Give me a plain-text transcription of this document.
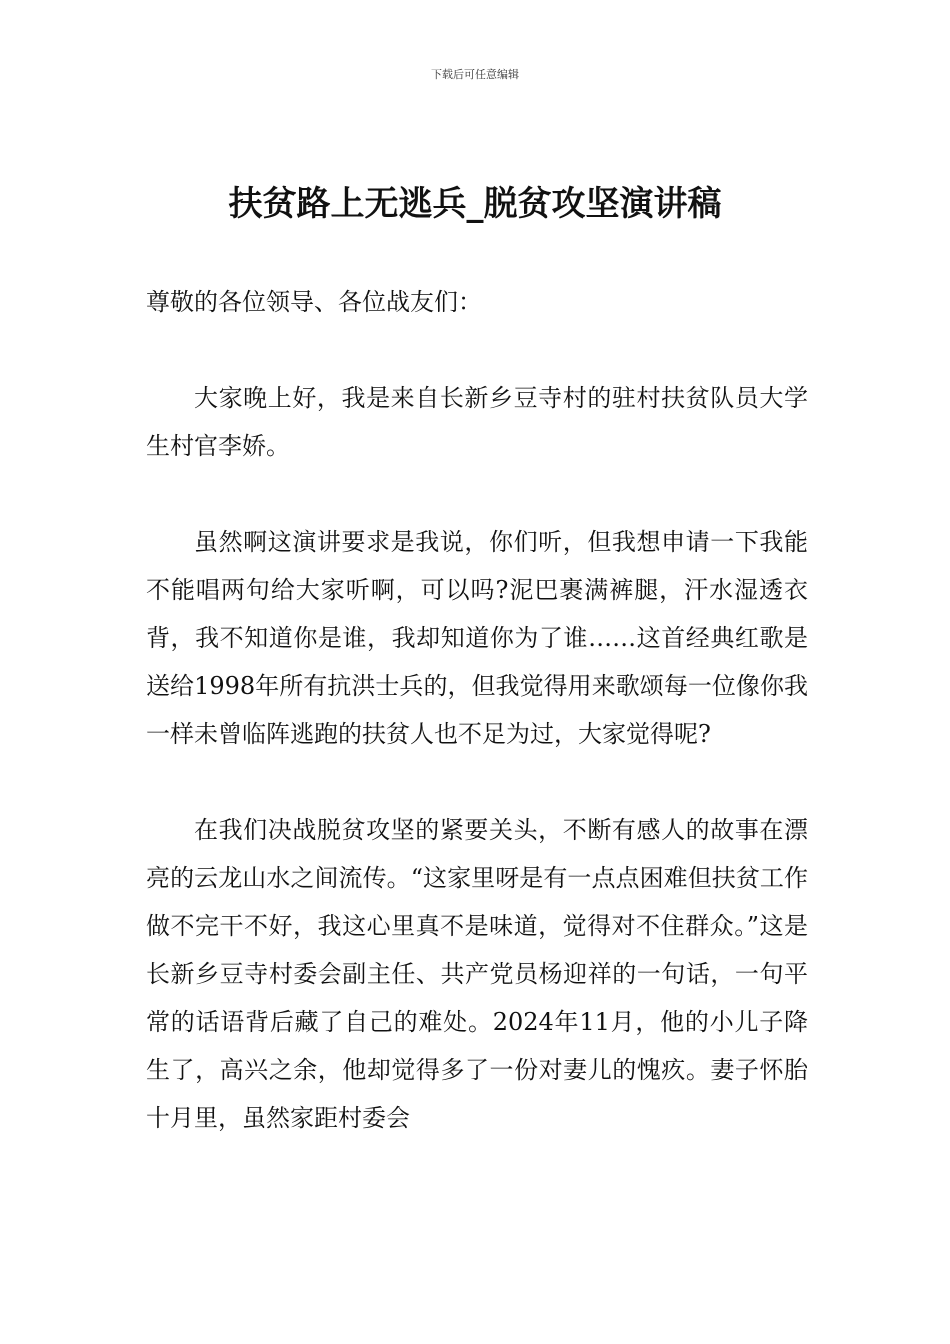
下载后可任意编辑
扶贫路上无逃兵_脱贫攻坚演讲稿

尊敬的各位领导、各位战友们：

大家晚上好，我是来自长新乡豆寺村的驻村扶贫队员大学生村官李娇。

虽然啊这演讲要求是我说，你们听，但我想申请一下我能不能唱两句给大家听啊，可以吗?泥巴裹满裤腿，汗水湿透衣背，我不知道你是谁，我却知道你为了谁……这首经典红歌是送给1998年所有抗洪士兵的，但我觉得用来歌颂每一位像你我一样未曾临阵逃跑的扶贫人也不足为过，大家觉得呢?

在我们决战脱贫攻坚的紧要关头，不断有感人的故事在漂亮的云龙山水之间流传。“这家里呀是有一点点困难但扶贫工作做不完干不好，我这心里真不是味道，觉得对不住群众。”这是长新乡豆寺村委会副主任、共产党员杨迎祥的一句话，一句平常的话语背后藏了自己的难处。2024年11月，他的小儿子降生了，高兴之余，他却觉得多了一份对妻儿的愧疚。妻子怀胎十月里，虽然家距村委会
